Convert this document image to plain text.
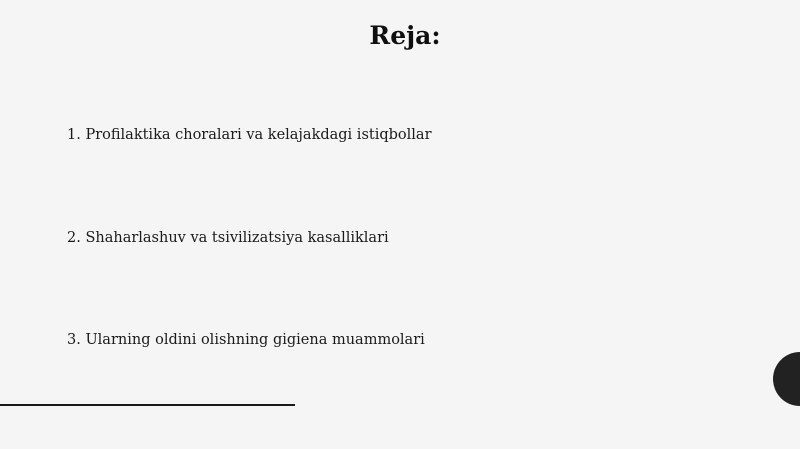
Reja:
1. Profilaktika choralari va kelajakdagi istiqbollar
2. Shaharlashuv va tsivilizatsiya kasalliklari
3. Ularning oldini olishning gigiena muammolari
